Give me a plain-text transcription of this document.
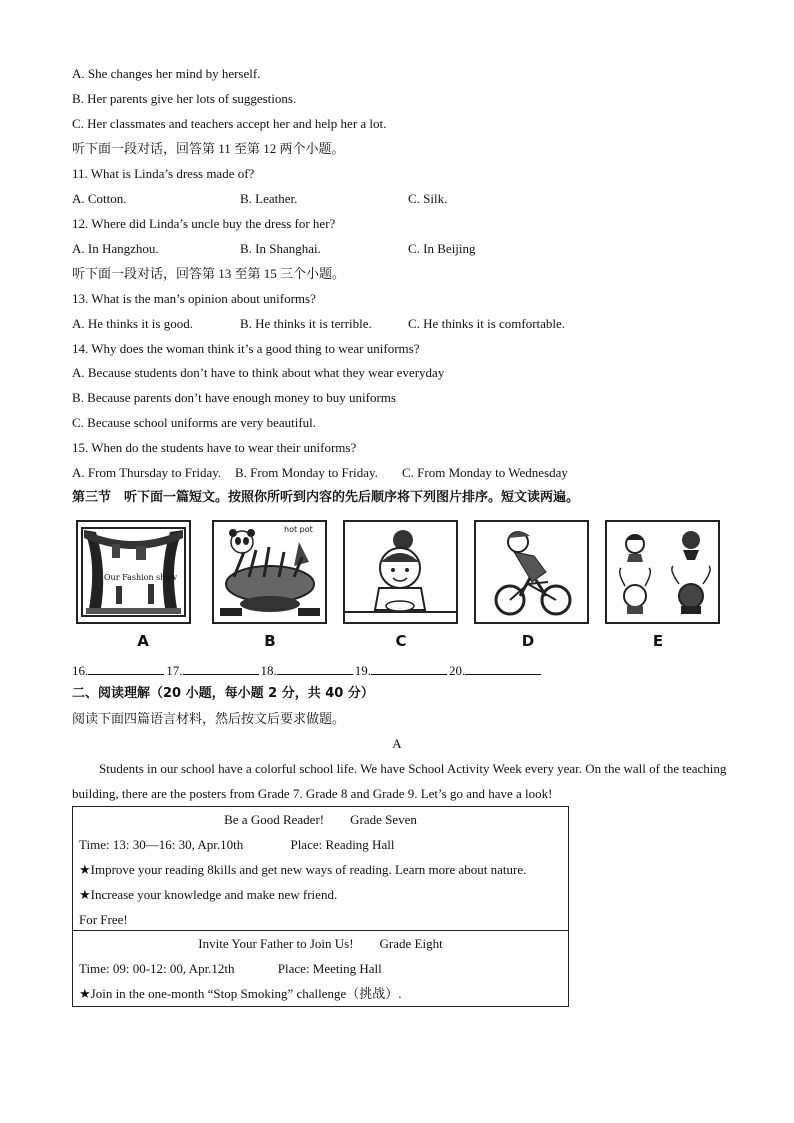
A. She changes her mind by herself.
B. Her parents give her lots of suggestions.
C. Her classmates and teachers accept her and help her a lot.
听下面一段对话，回答第 11 至第 12 两个小题。
11. What is Linda’s dress made of?
A. Cotton.	B. Leather.	C. Silk.
12. Where did Linda’s uncle buy the dress for her?
A. In Hangzhou.	B. In Shanghai.	C. In Beijing
听下面一段对话，回答第 13 至第 15 三个小题。
13. What is the man’s opinion about uniforms?
A. He thinks it is good.	B. He thinks it is terrible.	C. He thinks it is comfortable.
14. Why does the woman think it’s a good thing to wear uniforms?
A. Because students don’t have to think about what they wear everyday
B. Because parents don’t have enough money to buy uniforms
C. Because school uniforms are very beautiful.
15. When do the students have to wear their uniforms?
A. From Thursday to Friday. B. From Monday to Friday. C. From Monday to Wednesday
第三节　听下面一篇短文。按照你所听到内容的先后顺序将下列图片排序。短文读两遍。
Our Fashion show
hot pot
A	B	C	D	E
16.	17.	18.	19.	20.
二、阅读理解（20 小题，每小题 2 分，共 40 分）
阅读下面四篇语言材料，然后按文后要求做题。
A
Students in our school have a colorful school life. We have School Activity Week every year. On the wall of the teaching building, there are the posters from Grade 7. Grade 8 and Grade 9. Let’s go and have a look!
Be a Good Reader!　　Grade Seven
Time: 13: 30—16: 30, Apr.10th	Place: Reading Hall
★Improve your reading 8kills and get new ways of reading. Learn more about nature.
★Increase your knowledge and make new friend.
For Free!
Invite Your Father to Join Us!　　Grade Eight
Time: 09: 00-12: 00, Apr.12th	Place: Meeting Hall
★Join in the one-month “Stop Smoking” challenge（挑战）.
